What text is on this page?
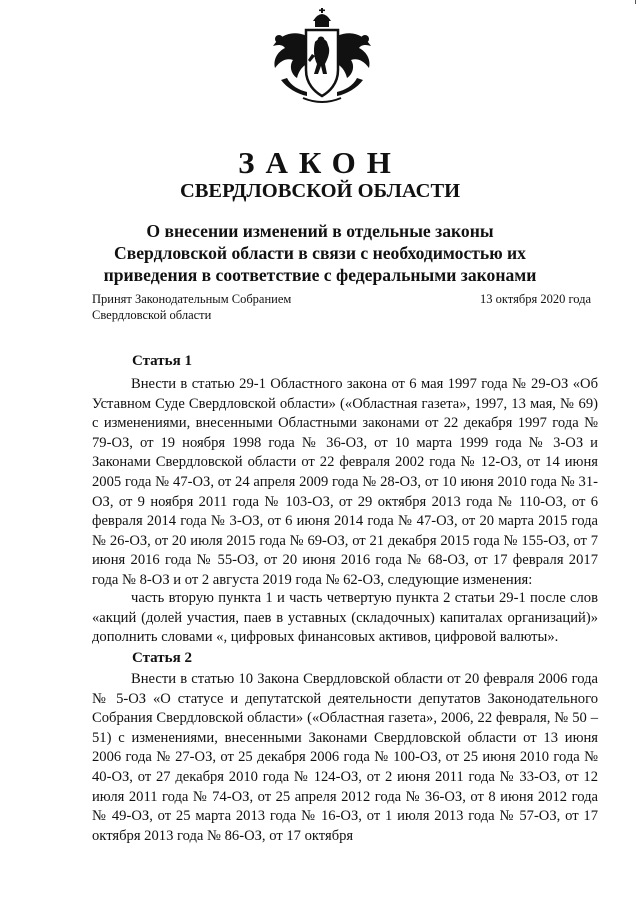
ЗАКОН
СВЕРДЛОВСКОЙ ОБЛАСТИ
О внесении изменений в отдельные законы
Свердловской области в связи с необходимостью их
приведения в соответствие с федеральными законами
Принят Законодательным Собранием
Свердловской области
13 октября 2020 года
Статья 1

Внести в статью 29-1 Областного закона от 6 мая 1997 года № 29-ОЗ «Об Уставном Суде Свердловской области» («Областная газета», 1997, 13 мая, № 69) с изменениями, внесенными Областными законами от 22 декабря 1997 года № 79-ОЗ, от 19 ноября 1998 года № 36-ОЗ, от 10 марта 1999 года № 3-ОЗ и Законами Свердловской области от 22 февраля 2002 года № 12-ОЗ, от 14 июня 2005 года № 47-ОЗ, от 24 апреля 2009 года № 28-ОЗ, от 10 июня 2010 года № 31-ОЗ, от 9 ноября 2011 года № 103-ОЗ, от 29 октября 2013 года № 110-ОЗ, от 6 февраля 2014 года № 3-ОЗ, от 6 июня 2014 года № 47-ОЗ, от 20 марта 2015 года № 26-ОЗ, от 20 июля 2015 года № 69-ОЗ, от 21 декабря 2015 года № 155-ОЗ, от 7 июня 2016 года № 55-ОЗ, от 20 июня 2016 года № 68-ОЗ, от 17 февраля 2017 года № 8-ОЗ и от 2 августа 2019 года № 62-ОЗ, следующие изменения:

часть вторую пункта 1 и часть четвертую пункта 2 статьи 29-1 после слов «акций (долей участия, паев в уставных (складочных) капиталах организаций)» дополнить словами «, цифровых финансовых активов, цифровой валюты».

Статья 2

Внести в статью 10 Закона Свердловской области от 20 февраля 2006 года № 5-ОЗ «О статусе и депутатской деятельности депутатов Законодательного Собрания Свердловской области» («Областная газета», 2006, 22 февраля, № 50 – 51) с изменениями, внесенными Законами Свердловской области от 13 июня 2006 года № 27-ОЗ, от 25 декабря 2006 года № 100-ОЗ, от 25 июня 2010 года № 40-ОЗ, от 27 декабря 2010 года № 124-ОЗ, от 2 июня 2011 года № 33-ОЗ, от 12 июля 2011 года № 74-ОЗ, от 25 апреля 2012 года № 36-ОЗ, от 8 июня 2012 года № 49-ОЗ, от 25 марта 2013 года № 16-ОЗ, от 1 июля 2013 года № 57-ОЗ, от 17 октября 2013 года № 86-ОЗ, от 17 октября
